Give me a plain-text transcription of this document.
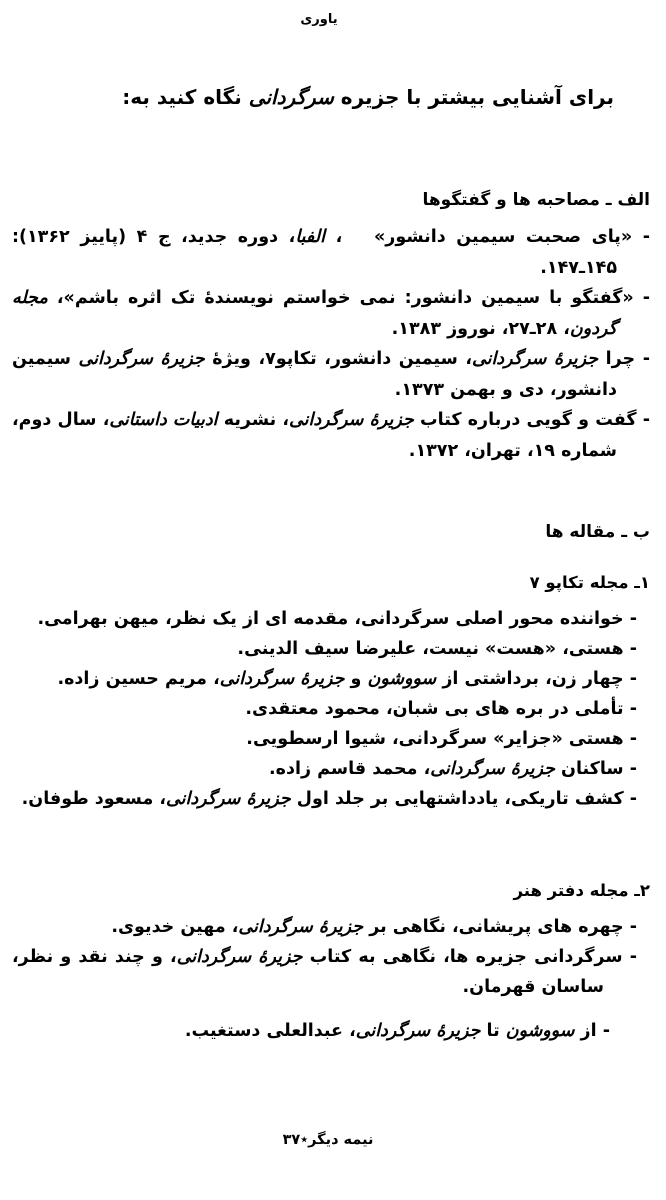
یاوری
برای آشنایی بیشتر با جزیره سرگردانی نگاه کنید به:
الف ـ مصاحبه ها و گفتگوها

- «پای صحبت سیمین دانشور»   ، الفبا، دوره جدید، ج ۴ (پاییز ۱۳۶۲): ۱۴۵ـ۱۴۷.

- «گفتگو با سیمین دانشور: نمی خواستم نویسندهٔ تک اثره باشم»، مجله گردون، ۲۸ـ۲۷، نوروز ۱۳۸۳.

- چرا جزیرهٔ سرگردانی، سیمین دانشور، تکاپو۷، ویژهٔ جزیرهٔ سرگردانی سیمین دانشور، دی و بهمن ۱۳۷۳.

- گفت و گویی درباره کتاب جزیرهٔ سرگردانی، نشریه ادبیات داستانی، سال دوم، شماره ۱۹، تهران، ۱۳۷۲.

ب ـ مقاله ها
۱ـ مجله تکاپو ۷

- خواننده محور اصلی سرگردانی، مقدمه ای از یک نظر، میهن بهرامی.

- هستی، «هست» نیست، علیرضا سیف الدینی.

- چهار زن، برداشتی از سووشون و جزیرهٔ سرگردانی، مریم حسین زاده.

- تأملی در بره های بی شبان، محمود معتقدی.

- هستی «جزایر» سرگردانی، شیوا ارسطویی.

- ساکنان جزیرهٔ سرگردانی، محمد قاسم زاده.

- کشف تاریکی، یادداشتهایی بر جلد اول جزیرهٔ سرگردانی، مسعود طوفان.

۲ـ مجله دفتر هنر

- چهره های پریشانی، نگاهی بر جزیرهٔ سرگردانی، مهین خدیوی.

- سرگردانی جزیره ها، نگاهی به کتاب جزیرهٔ سرگردانی، و چند نقد و نظر، ساسان قهرمان.

- از سووشون تا جزیرهٔ سرگردانی، عبدالعلی دستغیب.

نیمه دیگر٭۳۷
